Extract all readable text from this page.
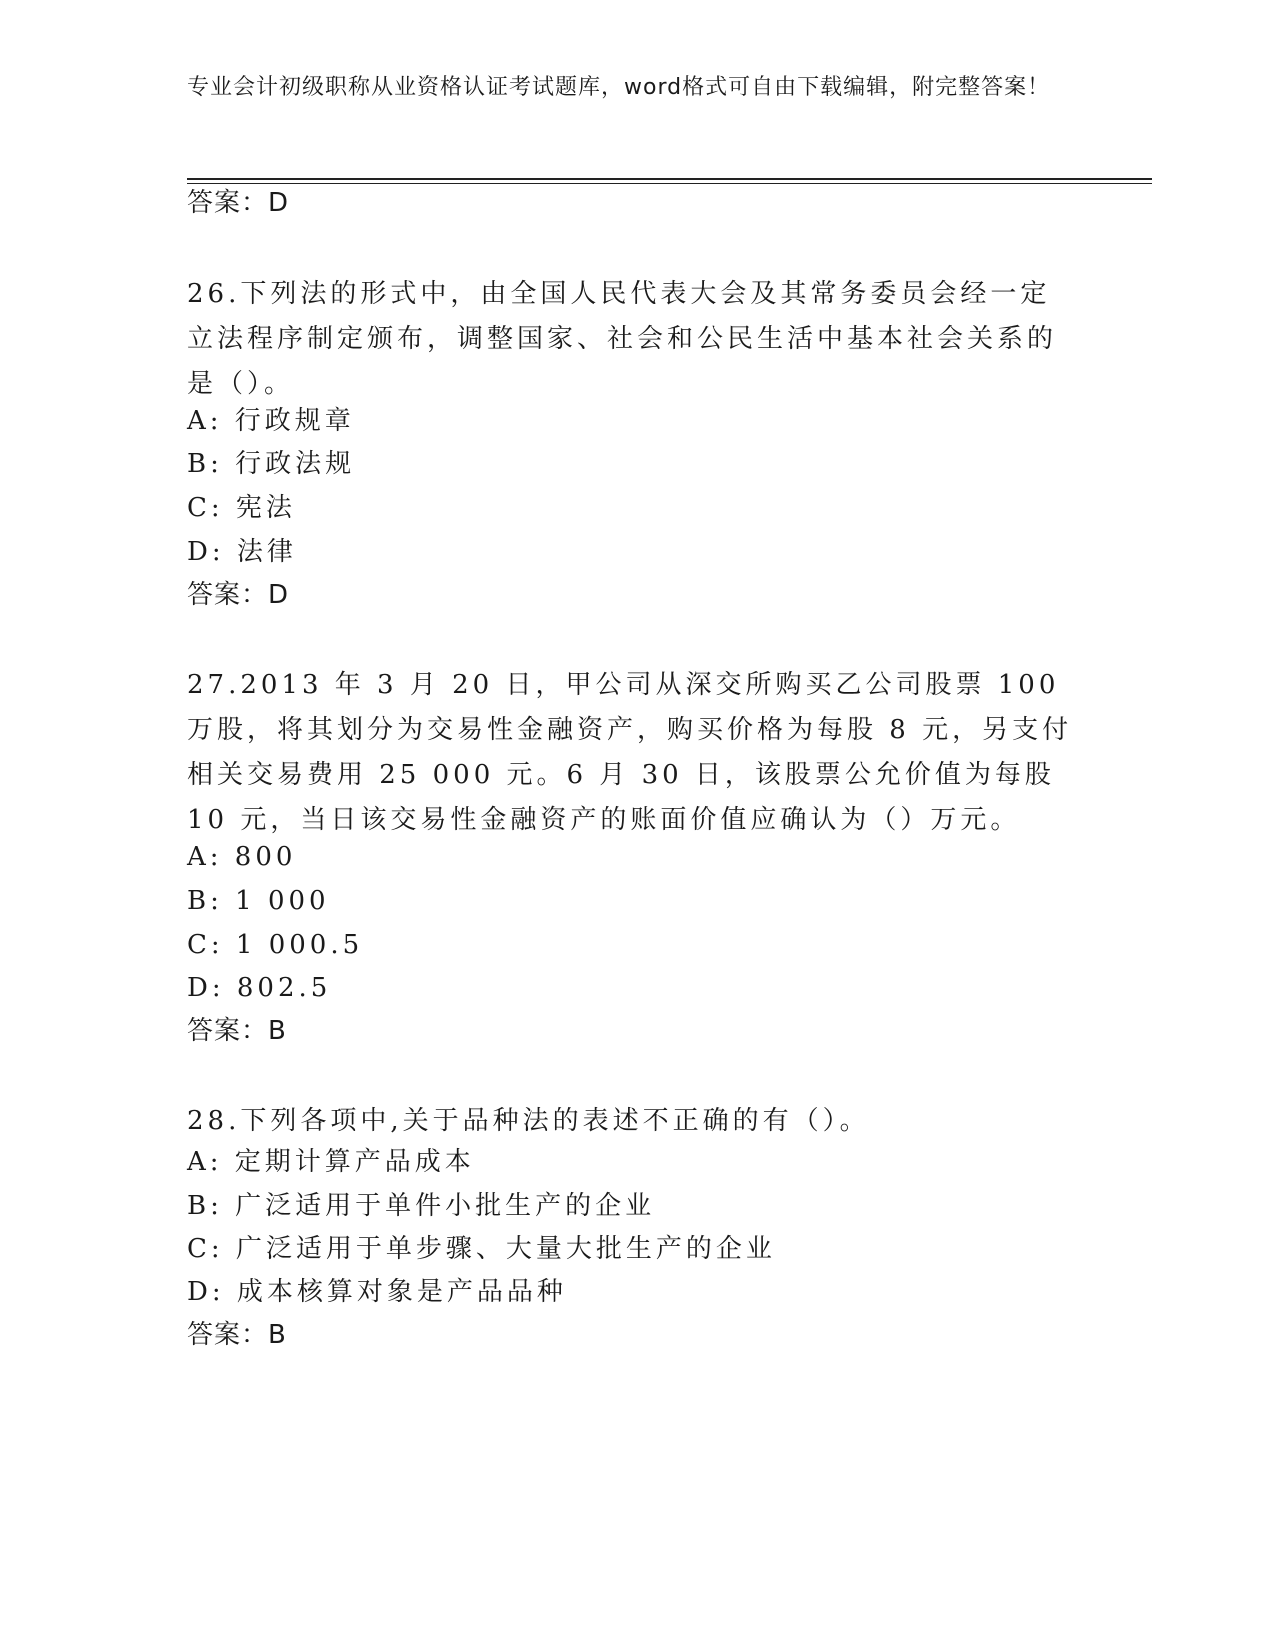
专业会计初级职称从业资格认证考试题库，word格式可自由下载编辑，附完整答案！
答案：D

26.下列法的形式中，由全国人民代表大会及其常务委员会经一定立法程序制定颁布，调整国家、社会和公民生活中基本社会关系的是（）。

A: 行政规章
B: 行政法规
C: 宪法
D: 法律
答案：D

27.2013 年 3 月 20 日，甲公司从深交所购买乙公司股票 100 万股，将其划分为交易性金融资产，购买价格为每股 8 元，另支付相关交易费用 25 000 元。6 月 30 日，该股票公允价值为每股 10 元，当日该交易性金融资产的账面价值应确认为（）万元。

A: 800
B: 1 000
C: 1 000.5
D: 802.5
答案：B

28.下列各项中,关于品种法的表述不正确的有（）。

A: 定期计算产品成本
B: 广泛适用于单件小批生产的企业
C: 广泛适用于单步骤、大量大批生产的企业
D: 成本核算对象是产品品种
答案：B
